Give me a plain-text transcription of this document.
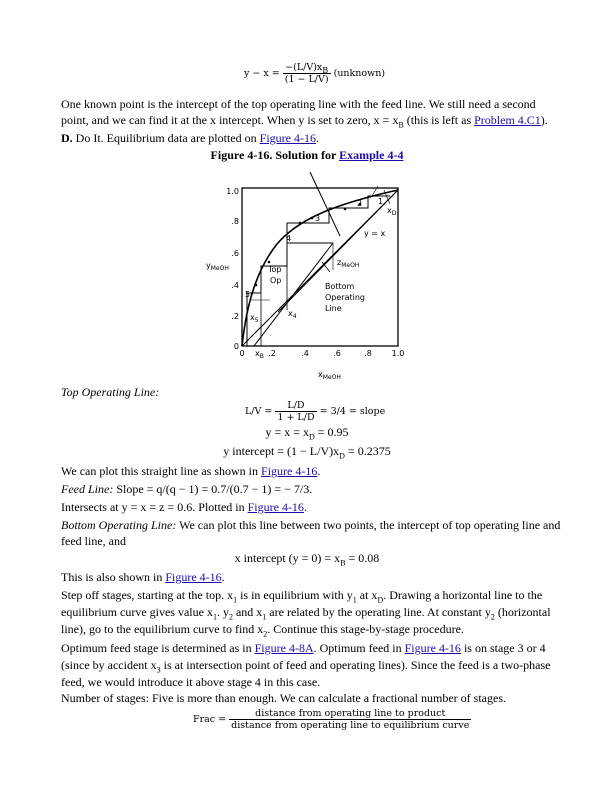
$y - x = \frac{-(L/V)x_B}{(1 - L/V)}$ (unknown)
One known point is the intercept of the top operating line with the feed line. We still need a second point, and we can find it at the x intercept. When y is set to zero, $x = x_B$ (this is left as Problem 4.C1).
D. Do It. Equilibrium data are plotted on Figure 4-16.
Figure 4-16. Solution for Example 4-4
1.0
.8
.6
.4
.2
0
0	.2	.4	.6	.8 1.0
$x_B$
$y_{MeOH}$
$x_{MeOH}$
$x_D$
$z_{MeOH}$
y = x
Top
Op
Bottom
Operating
Line
1
2
3
4
5
$x_4$
$x_5$
Top Operating Line:
$L/V = \frac{L/D}{1 + L/D} = 3/4$ = slope
$y = x = x_D = 0.95$
y intercept = $(1 - L/V)x_D = 0.2375$
We can plot this straight line as shown in Figure 4-16.
Feed Line: Slope = q/(q − 1) = 0.7/(0.7 − 1) = − 7/3.
Intersects at y = x = z = 0.6. Plotted in Figure 4-16.
Bottom Operating Line: We can plot this line between two points, the intercept of top operating line and feed line, and
x intercept $(y = 0) = x_B = 0.08$
This is also shown in Figure 4-16.
Step off stages, starting at the top. $x_1$ is in equilibrium with $y_1$ at $x_D$. Drawing a horizontal line to the equilibrium curve gives value $x_1$. $y_2$ and $x_1$ are related by the operating line. At constant $y_2$ (horizontal line), go to the equilibrium curve to find $x_2$. Continue this stage-by-stage procedure.
Optimum feed stage is determined as in Figure 4-8A. Optimum feed in Figure 4-16 is on stage 3 or 4 (since by accident $x_3$ is at intersection point of feed and operating lines). Since the feed is a two-phase feed, we would introduce it above stage 4 in this case.
Number of stages: Five is more than enough. We can calculate a fractional number of stages.
Frac = $\frac{\text{distance from operating line to product}}{\text{distance from operating line to equilibrium curve}}$
